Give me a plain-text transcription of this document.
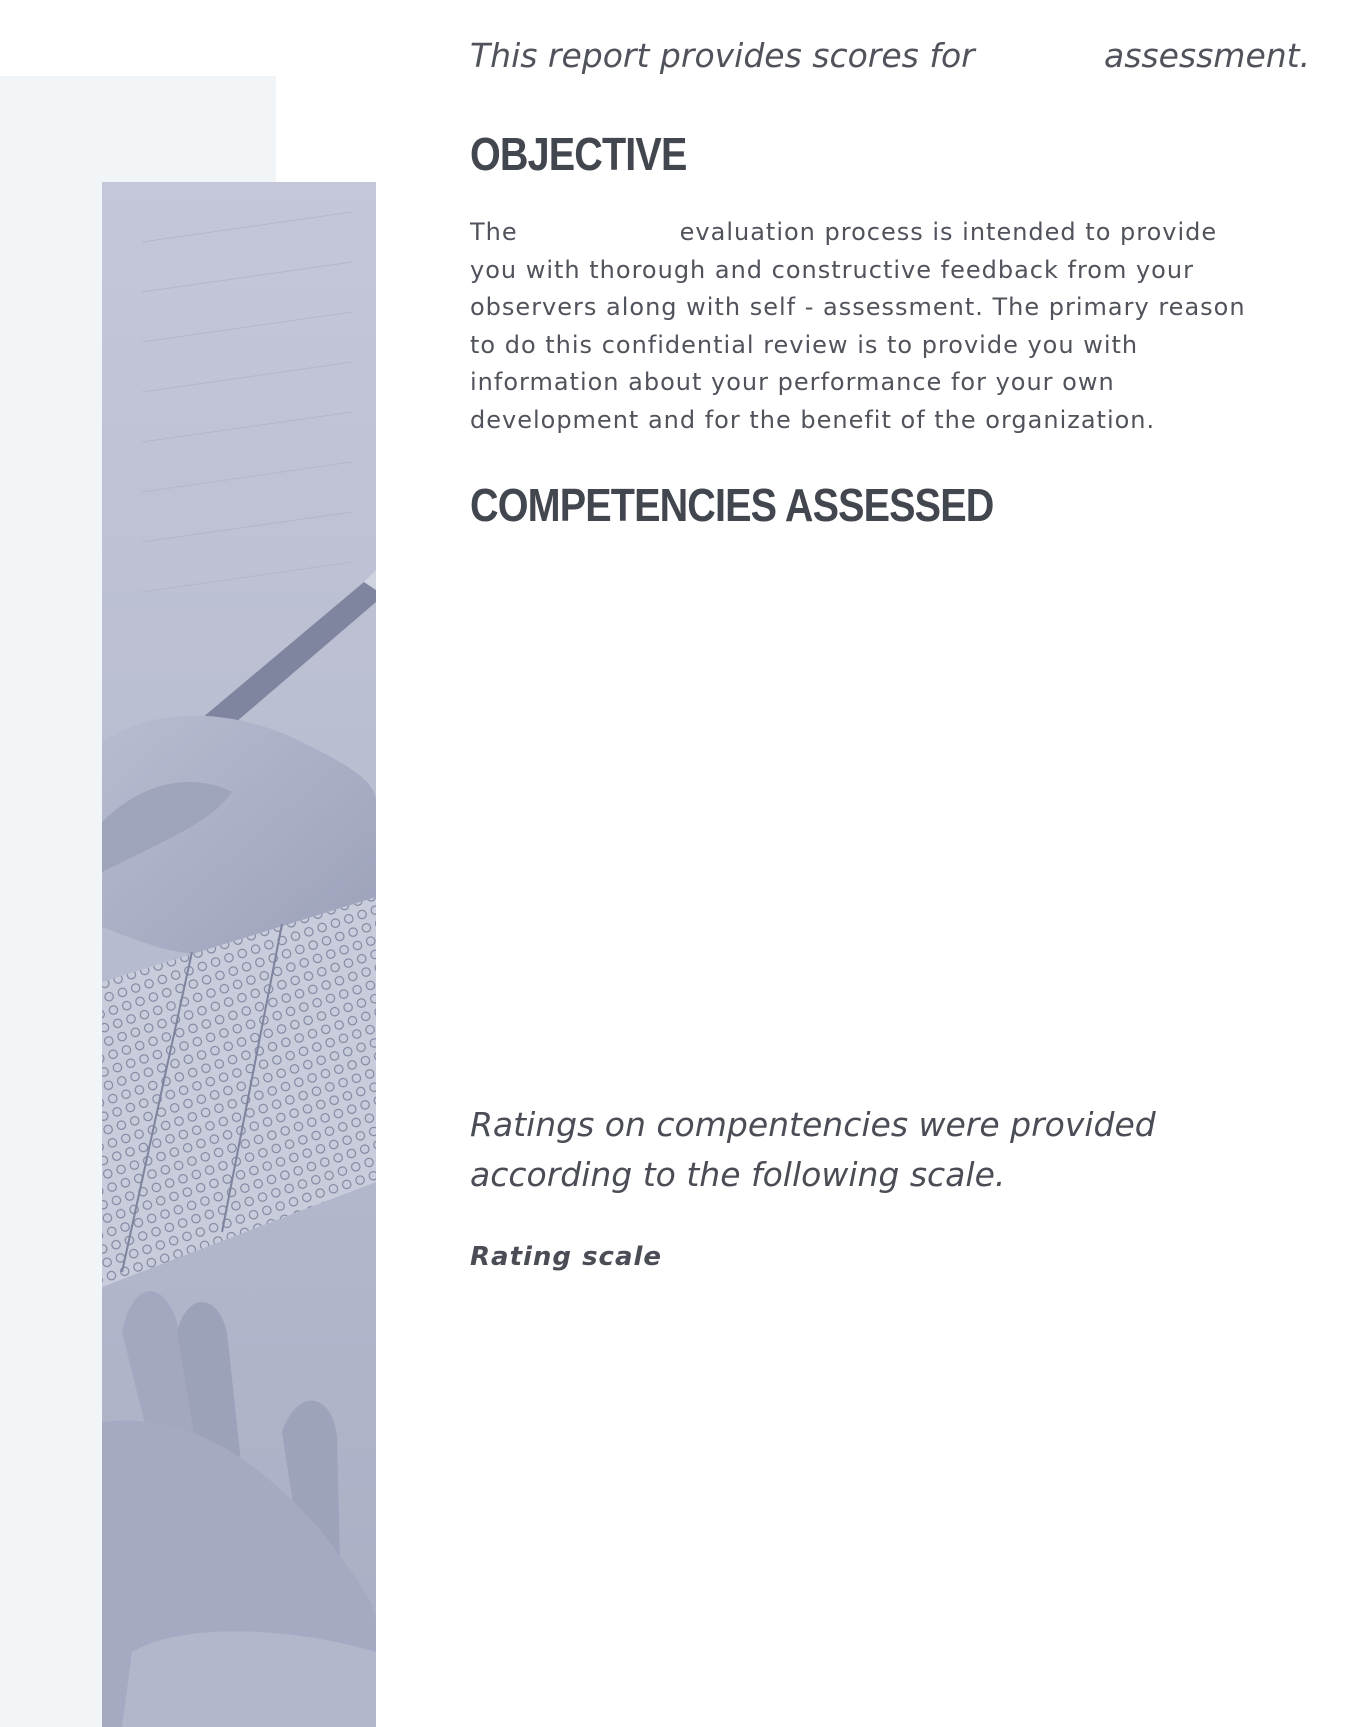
This report provides scores for	assessment.
OBJECTIVE
The	evaluation process is intended to provide
you with thorough and constructive feedback from your
observers along with self - assessment. The primary reason
to do this confidential review is to provide you with
information about your performance for your own
development and for the benefit of the organization.
COMPETENCIES ASSESSED
Ratings on compentencies were provided according to the following scale.
Rating scale
